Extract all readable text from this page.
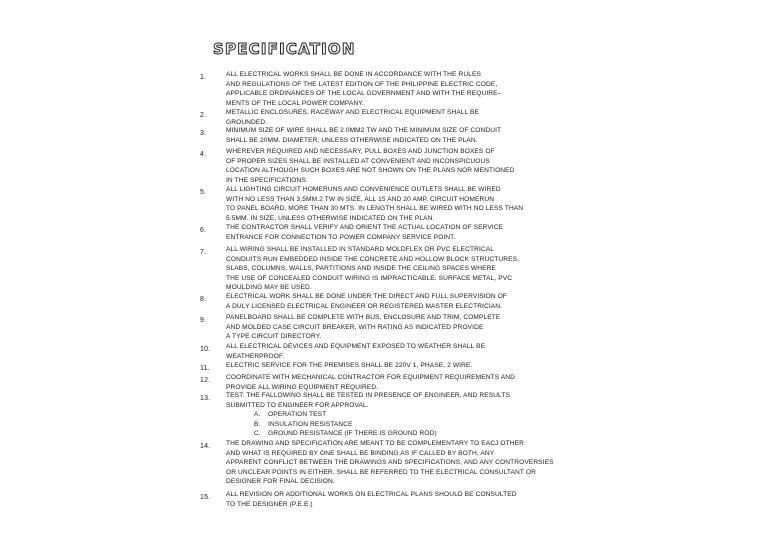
SPECIFICATION
1.	ALL ELECTRICAL WORKS SHALL BE DONE IN ACCORDANCE WITH THE RULES
AND REGULATIONS OF THE LATEST EDITION OF THE PHILIPPINE ELECTRIC CODE,
APPLICABLE ORDINANCES OF THE LOCAL GOVERNMENT AND WITH THE REQUIRE–
MENTS OF THE LOCAL POWER COMPANY.
2.	METALLIC ENCLOSURES, RACEWAY AND ELECTRICAL EQUIPMENT SHALL BE
GROUNDED.
3.	MINIMUM SIZE OF WIRE SHALL BE 2.0MM2 TW AND THE MINIMUM SIZE OF CONDUIT
SHALL BE 20MM. DIAMETER, UNLESS OTHERWISE INDICATED ON THE PLAN.
4.	WHEREVER REQUIRED AND NECESSARY, PULL BOXES AND JUNCTION BOXES OF
OF PROPER SIZES SHALL BE INSTALLED AT CONVENIENT AND INCONSPICUOUS
LOCATION ALTHOUGH SUCH BOXES ARE NOT SHOWN ON THE PLANS NOR MENTIONED
IN THE SPECIFICATIONS.
5.	ALL LIGHTING CIRCUIT HOMERUNS AND CONVENIENCE OUTLETS SHALL BE WIRED
WITH NO LESS THAN 3.5MM.2 TW IN SIZE, ALL 15 AND 20 AMP. CIRCUIT HOMERUN
TO PANEL BOARD, MORE THAN 30 MTS. IN LENGTH SHALL BE WIRED WITH NO LESS THAN
5.5MM. IN SIZE, UNLESS OTHERWISE INDICATED ON THE PLAN.
6.	THE CONTRACTOR SHALL VERIFY AND ORIENT THE ACTUAL LOCATION OF SERVICE
ENTRANCE FOR CONNECTION TO POWER COMPANY SERVICE POINT.
7.	ALL WIRING SHALL BE INSTALLED IN STANDARD MOLDFLEX OR PVC ELECTRICAL
CONDUITS RUN EMBEDDED INSIDE THE CONCRETE AND HOLLOW BLOCK STRUCTURES,
SLABS, COLUMNS, WALLS, PARTITIONS AND INSIDE THE CEILING SPACES WHERE
THE USE OF CONCEALED CONDUIT WIRING IS IMPRACTICABLE. SURFACE METAL, PVC
MOULDING MAY BE USED.
8.	ELECTRICAL WORK SHALL BE DONE UNDER THE DIRECT AND FULL SUPERVISION OF
A DULY LICENSED ELECTRICAL ENGINEER OR REGISTERED MASTER ELECTRICIAN.
9.	PANELBOARD SHALL BE COMPLETE WITH BUS, ENCLOSURE AND TRIM, COMPLETE
AND MOLDED CASE CIRCUIT BREAKER, WITH RATING AS INDICATED PROVIDE
A TYPE CIRCUIT DIRECTORY.
10. ALL ELECTRICAL DEVICES AND EQUIPMENT EXPOSED TO WEATHER SHALL BE
WEATHERPROOF.
11. ELECTRIC SERVICE FOR THE PREMISES SHALL BE 220V 1, PHASE, 2 WIRE.
12. COORDINATE WITH MECHANICAL CONTRACTOR FOR EQUIPMENT REQUIREMENTS AND
PROVIDE ALL WIRING EQUIPMENT REQUIRED.
13. TEST: THE FALLOWING SHALL BE TESTED IN PRESENCE OF ENGINEER, AND RESULTS
SUBMITTED TO ENGINEER FOR APPROVAL.
A. OPERATION TEST
B. INSULATION RESISTANCE
C. GROUND RESISTANCE (IF THERE IS GROUND ROD)
14. THE DRAWING AND SPECIFICATION ARE MEANT TO BE COMPLEMENTARY TO EACJ OTHER
AND WHAT IS REQUIRED BY ONE SHALL BE BINDING AS IF CALLED BY BOTH, ANY
APPARENT CONFLICT BETWEEN THE DRAWINGS AND SPECIFICATIONS, AND ANY CONTROVERSIES
OR UNCLEAR POINTS IN EITHER, SHALL BE REFERRED TO THE ELECTRICAL CONSULTANT OR
DESIGNER FOR FINAL DECISION.
15. ALL REVISION OR ADDITIONAL WORKS ON ELECTRICAL PLANS SHOULD BE CONSULTED
TO THE DESIGNER (P.E.E.)
